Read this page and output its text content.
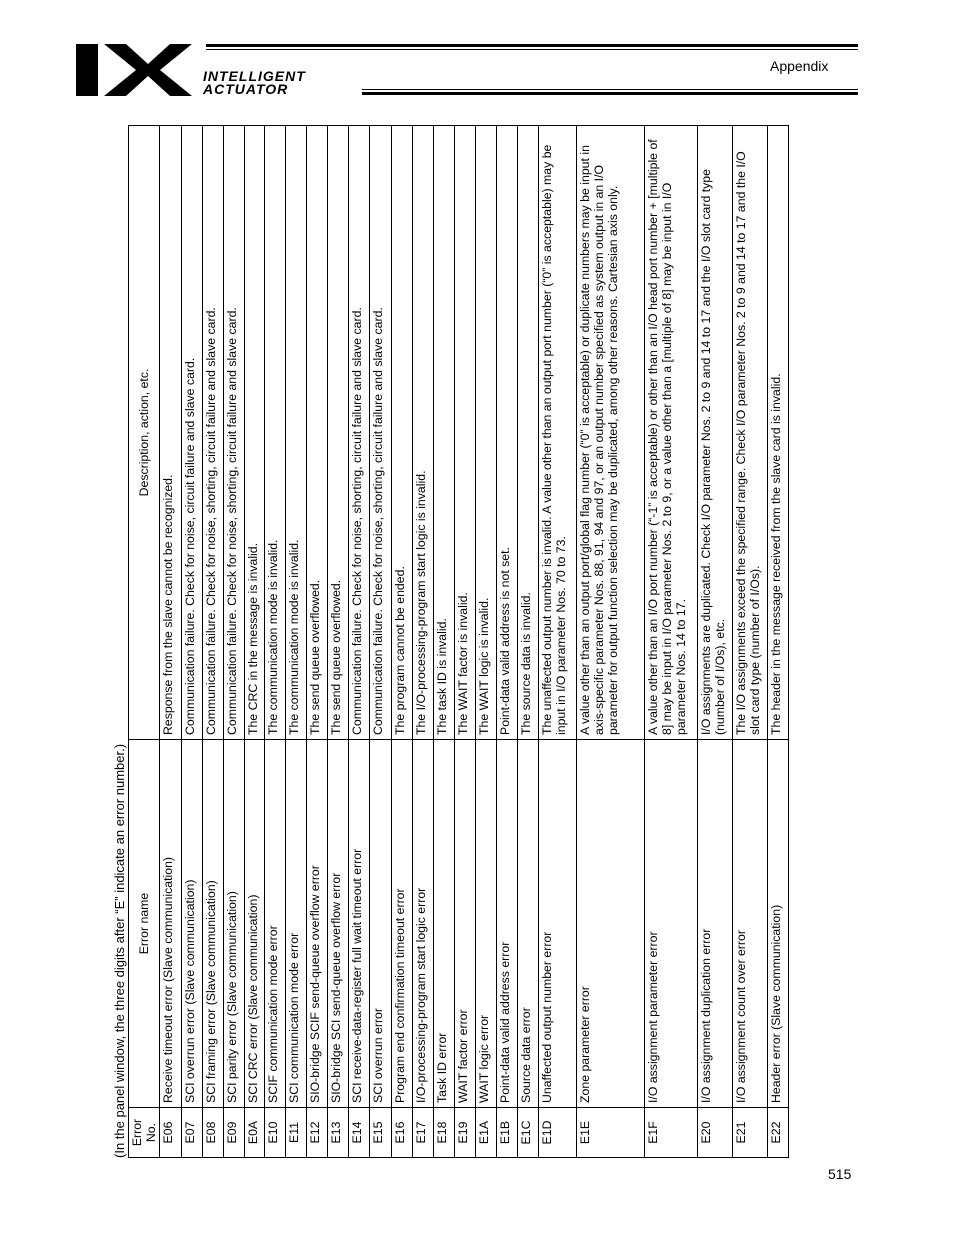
INTELLIGENT
ACTUATOR
Appendix
(In the panel window, the three digits after “E” indicate an error number.) Error No.	Error name	Description, action, etc.
E06	Receive timeout error (Slave communication)	Response from the slave cannot be recognized.
E07	SCI overrun error (Slave communication)	Communication failure. Check for noise, circuit failure and slave card.
E08	SCI framing error (Slave communication)	Communication failure. Check for noise, shorting, circuit failure and slave card.
E09	SCI parity error (Slave communication)	Communication failure. Check for noise, shorting, circuit failure and slave card.
E0A	SCI CRC error (Slave communication)	The CRC in the message is invalid.
E10	SCIF communication mode error	The communication mode is invalid.
E11	SCI communication mode error	The communication mode is invalid.
E12	SIO-bridge SCIF send-queue overflow error	The send queue overflowed.
E13	SIO-bridge SCI send-queue overflow error	The send queue overflowed.
E14	SCI receive-data-register full wait timeout error	Communication failure. Check for noise, shorting, circuit failure and slave card.
E15	SCI overrun error	Communication failure. Check for noise, shorting, circuit failure and slave card.
E16	Program end confirmation timeout error	The program cannot be ended.
E17	I/O-processing-program start logic error	The I/O-processing-program start logic is invalid.
E18	Task ID error	The task ID is invalid.
E19	WAIT factor error	The WAIT factor is invalid.
E1A	WAIT logic error	The WAIT logic is invalid.
E1B	Point-data valid address error	Point-data valid address is not set.
E1C	Source data error	The source data is invalid.
E1D	Unaffected output number error	The unaffected output number is invalid. A value other than an output port number (“0” is acceptable) may be input in I/O parameter Nos. 70 to 73.
E1E	Zone parameter error	A value other than an output port/global flag number (“0” is acceptable) or duplicate numbers may be input in axis-specific parameter Nos. 88, 91, 94 and 97, or an output number specified as system output in an I/O parameter for output function selection may be duplicated, among other reasons. Cartesian axis only.
E1F	I/O assignment parameter error	A value other than an I/O port number (“-1” is acceptable) or other than an I/O head port number + [multiple of 8] may be input in I/O parameter Nos. 2 to 9, or a value other than a [multiple of 8] may be input in I/O parameter Nos. 14 to 17.
E20	I/O assignment duplication error	I/O assignments are duplicated. Check I/O parameter Nos. 2 to 9 and 14 to 17 and the I/O slot card type (number of I/Os), etc.
E21	I/O assignment count over error	The I/O assignments exceed the specified range. Check I/O parameter Nos. 2 to 9 and 14 to 17 and the I/O slot card type (number of I/Os).
E22	Header error (Slave communication)	The header in the message received from the slave card is invalid.
515
